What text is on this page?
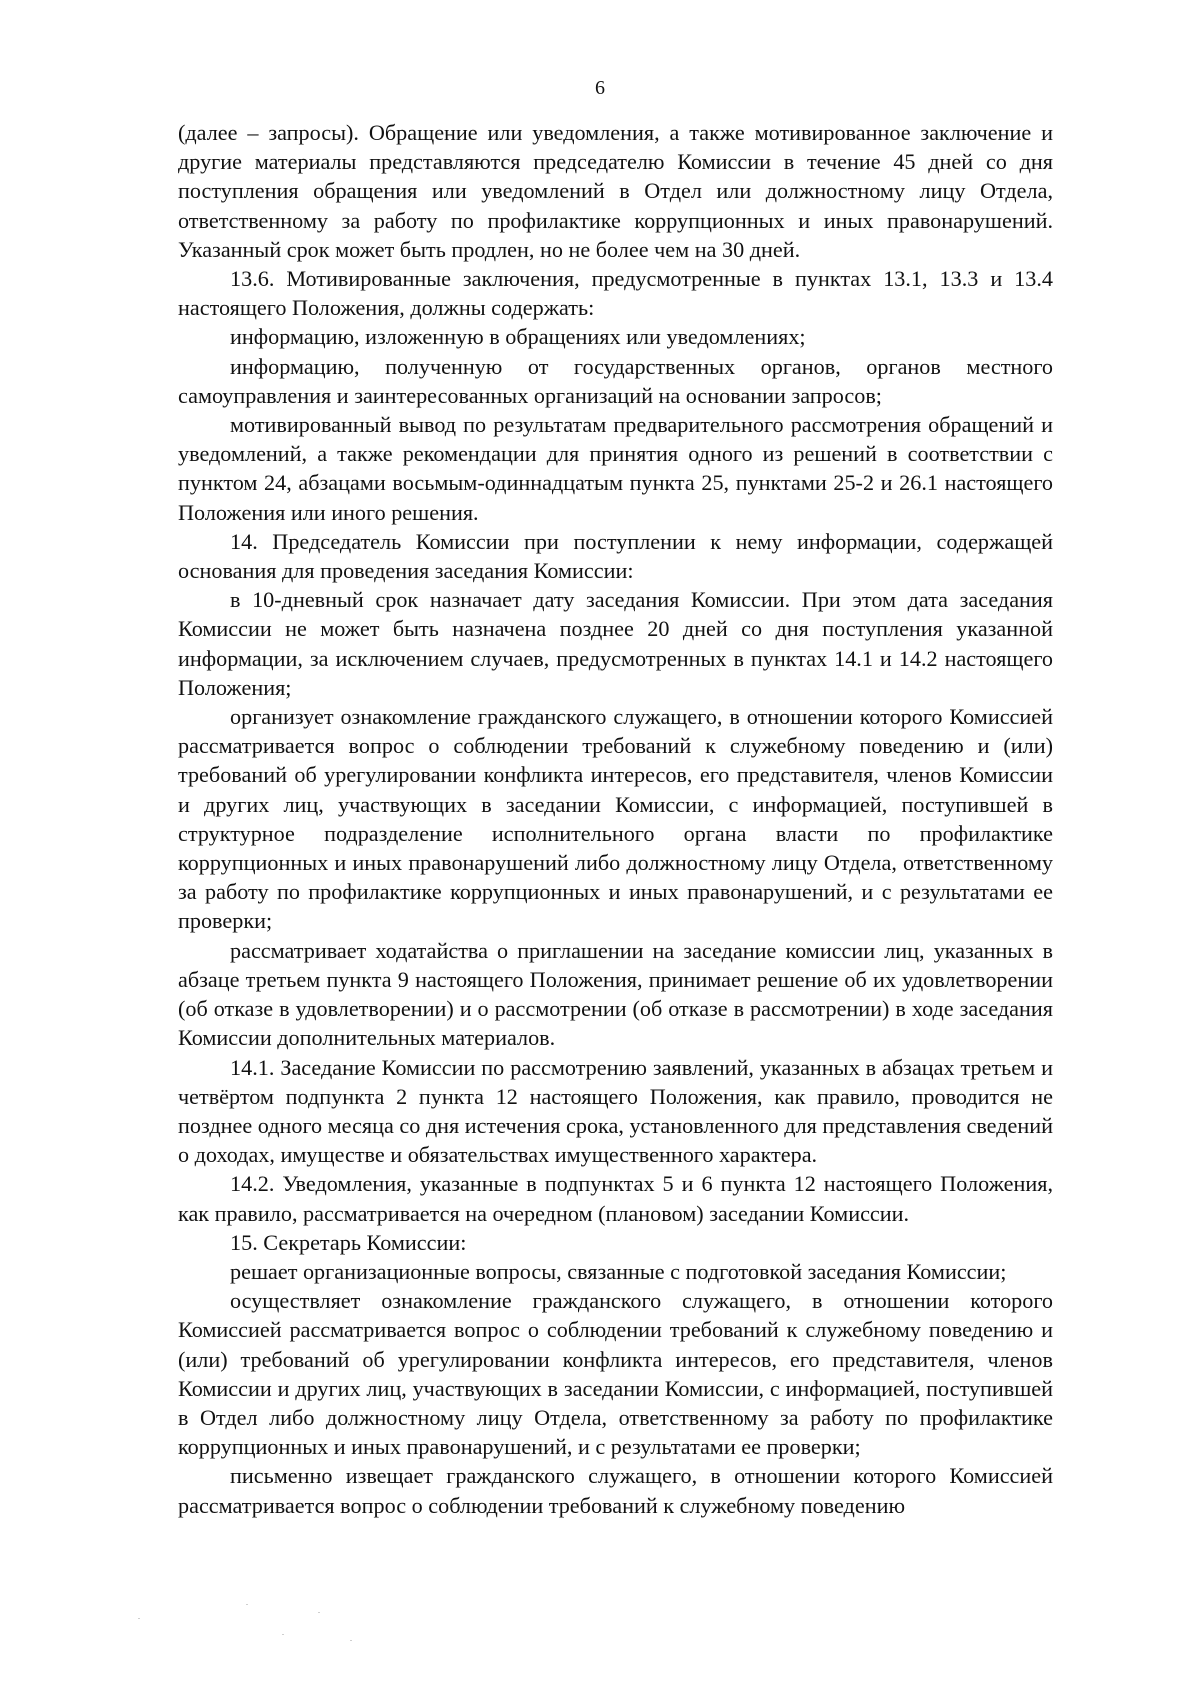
6

(далее – запросы). Обращение или уведомления, а также мотивированное заключение и другие материалы представляются председателю Комиссии в течение 45 дней со дня поступления обращения или уведомлений в Отдел или должностному лицу Отдела, ответственному за работу по профилактике коррупционных и иных правонарушений. Указанный срок может быть продлен, но не более чем на 30 дней.

13.6. Мотивированные заключения, предусмотренные в пунктах 13.1, 13.3 и 13.4 настоящего Положения, должны содержать:

информацию, изложенную в обращениях или уведомлениях;

информацию, полученную от государственных органов, органов местного самоуправления и заинтересованных организаций на основании запросов;

мотивированный вывод по результатам предварительного рассмотрения обращений и уведомлений, а также рекомендации для принятия одного из решений в соответствии с пунктом 24, абзацами восьмым-одиннадцатым пункта 25, пунктами 25-2 и 26.1 настоящего Положения или иного решения.

14. Председатель Комиссии при поступлении к нему информации, содержащей основания для проведения заседания Комиссии:

в 10-дневный срок назначает дату заседания Комиссии. При этом дата заседания Комиссии не может быть назначена позднее 20 дней со дня поступления указанной информации, за исключением случаев, предусмотренных в пунктах 14.1 и 14.2 настоящего Положения;

организует ознакомление гражданского служащего, в отношении которого Комиссией рассматривается вопрос о соблюдении требований к служебному поведению и (или) требований об урегулировании конфликта интересов, его представителя, членов Комиссии и других лиц, участвующих в заседании Комиссии, с информацией, поступившей в структурное подразделение исполнительного органа власти по профилактике коррупционных и иных правонарушений либо должностному лицу Отдела, ответственному за работу по профилактике коррупционных и иных правонарушений, и с результатами ее проверки;

рассматривает ходатайства о приглашении на заседание комиссии лиц, указанных в абзаце третьем пункта 9 настоящего Положения, принимает решение об их удовлетворении (об отказе в удовлетворении) и о рассмотрении (об отказе в рассмотрении) в ходе заседания Комиссии дополнительных материалов.

14.1. Заседание Комиссии по рассмотрению заявлений, указанных в абзацах третьем и четвёртом подпункта 2 пункта 12 настоящего Положения, как правило, проводится не позднее одного месяца со дня истечения срока, установленного для представления сведений о доходах, имуществе и обязательствах имущественного характера.

14.2. Уведомления, указанные в подпунктах 5 и 6 пункта 12 настоящего Положения, как правило, рассматривается на очередном (плановом) заседании Комиссии.

15. Секретарь Комиссии:

решает организационные вопросы, связанные с подготовкой заседания Комиссии;

осуществляет ознакомление гражданского служащего, в отношении которого Комиссией рассматривается вопрос о соблюдении требований к служебному поведению и (или) требований об урегулировании конфликта интересов, его представителя, членов Комиссии и других лиц, участвующих в заседании Комиссии, с информацией, поступившей в Отдел либо должностному лицу Отдела, ответственному за работу по профилактике коррупционных и иных правонарушений, и с результатами ее проверки;

письменно извещает гражданского служащего, в отношении которого Комиссией рассматривается вопрос о соблюдении требований к служебному поведению
